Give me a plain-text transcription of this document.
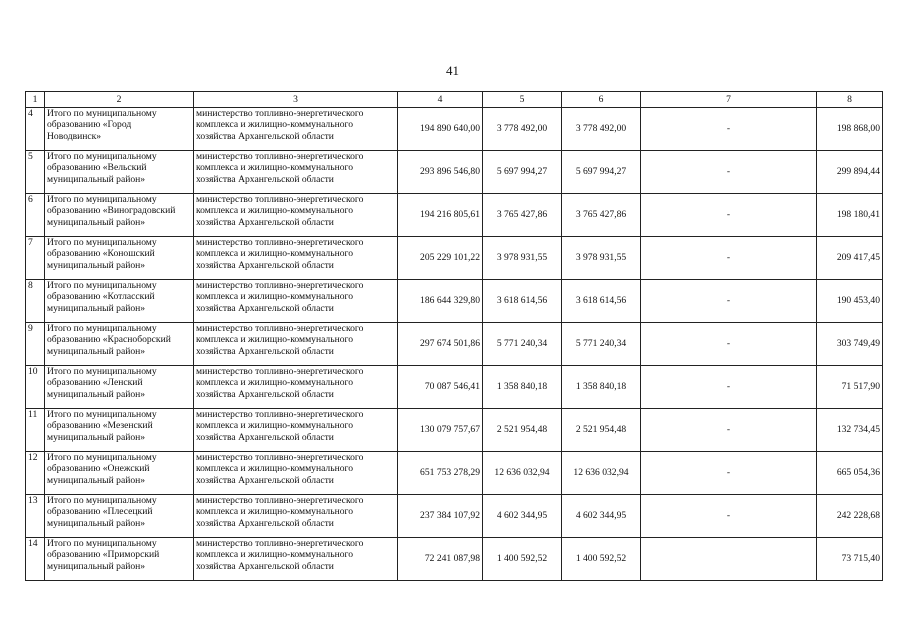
41
1	2	3	4	5	6	7	8
4	Итого по муниципальному
образованию «Город
Новодвинск»	министерство топливно-энергетического
комплекса и жилищно-коммунального
хозяйства Архангельской области	194 890 640,00	3 778 492,00	3 778 492,00	-	198 868,00
5	Итого по муниципальному
образованию «Вельский
муниципальный район»	министерство топливно-энергетического
комплекса и жилищно-коммунального
хозяйства Архангельской области	293 896 546,80	5 697 994,27	5 697 994,27	-	299 894,44
6	Итого по муниципальному
образованию «Виноградовский
муниципальный район»	министерство топливно-энергетического
комплекса и жилищно-коммунального
хозяйства Архангельской области	194 216 805,61	3 765 427,86	3 765 427,86	-	198 180,41
7	Итого по муниципальному
образованию «Коношский
муниципальный район»	министерство топливно-энергетического
комплекса и жилищно-коммунального
хозяйства Архангельской области	205 229 101,22	3 978 931,55	3 978 931,55	-	209 417,45
8	Итого по муниципальному
образованию «Котласский
муниципальный район»	министерство топливно-энергетического
комплекса и жилищно-коммунального
хозяйства Архангельской области	186 644 329,80	3 618 614,56	3 618 614,56	-	190 453,40
9	Итого по муниципальному
образованию «Красноборский
муниципальный район»	министерство топливно-энергетического
комплекса и жилищно-коммунального
хозяйства Архангельской области	297 674 501,86	5 771 240,34	5 771 240,34	-	303 749,49
10	Итого по муниципальному
образованию «Ленский
муниципальный район»	министерство топливно-энергетического
комплекса и жилищно-коммунального
хозяйства Архангельской области	70 087 546,41	1 358 840,18	1 358 840,18	-	71 517,90
11	Итого по муниципальному
образованию «Мезенский
муниципальный район»	министерство топливно-энергетического
комплекса и жилищно-коммунального
хозяйства Архангельской области	130 079 757,67	2 521 954,48	2 521 954,48	-	132 734,45
12	Итого по муниципальному
образованию «Онежский
муниципальный район»	министерство топливно-энергетического
комплекса и жилищно-коммунального
хозяйства Архангельской области	651 753 278,29	12 636 032,94	12 636 032,94	-	665 054,36
13	Итого по муниципальному
образованию «Плесецкий
муниципальный район»	министерство топливно-энергетического
комплекса и жилищно-коммунального
хозяйства Архангельской области	237 384 107,92	4 602 344,95	4 602 344,95	-	242 228,68
14	Итого по муниципальному
образованию «Приморский
муниципальный район»	министерство топливно-энергетического
комплекса и жилищно-коммунального
хозяйства Архангельской области	72 241 087,98	1 400 592,52	1 400 592,52		73 715,40
